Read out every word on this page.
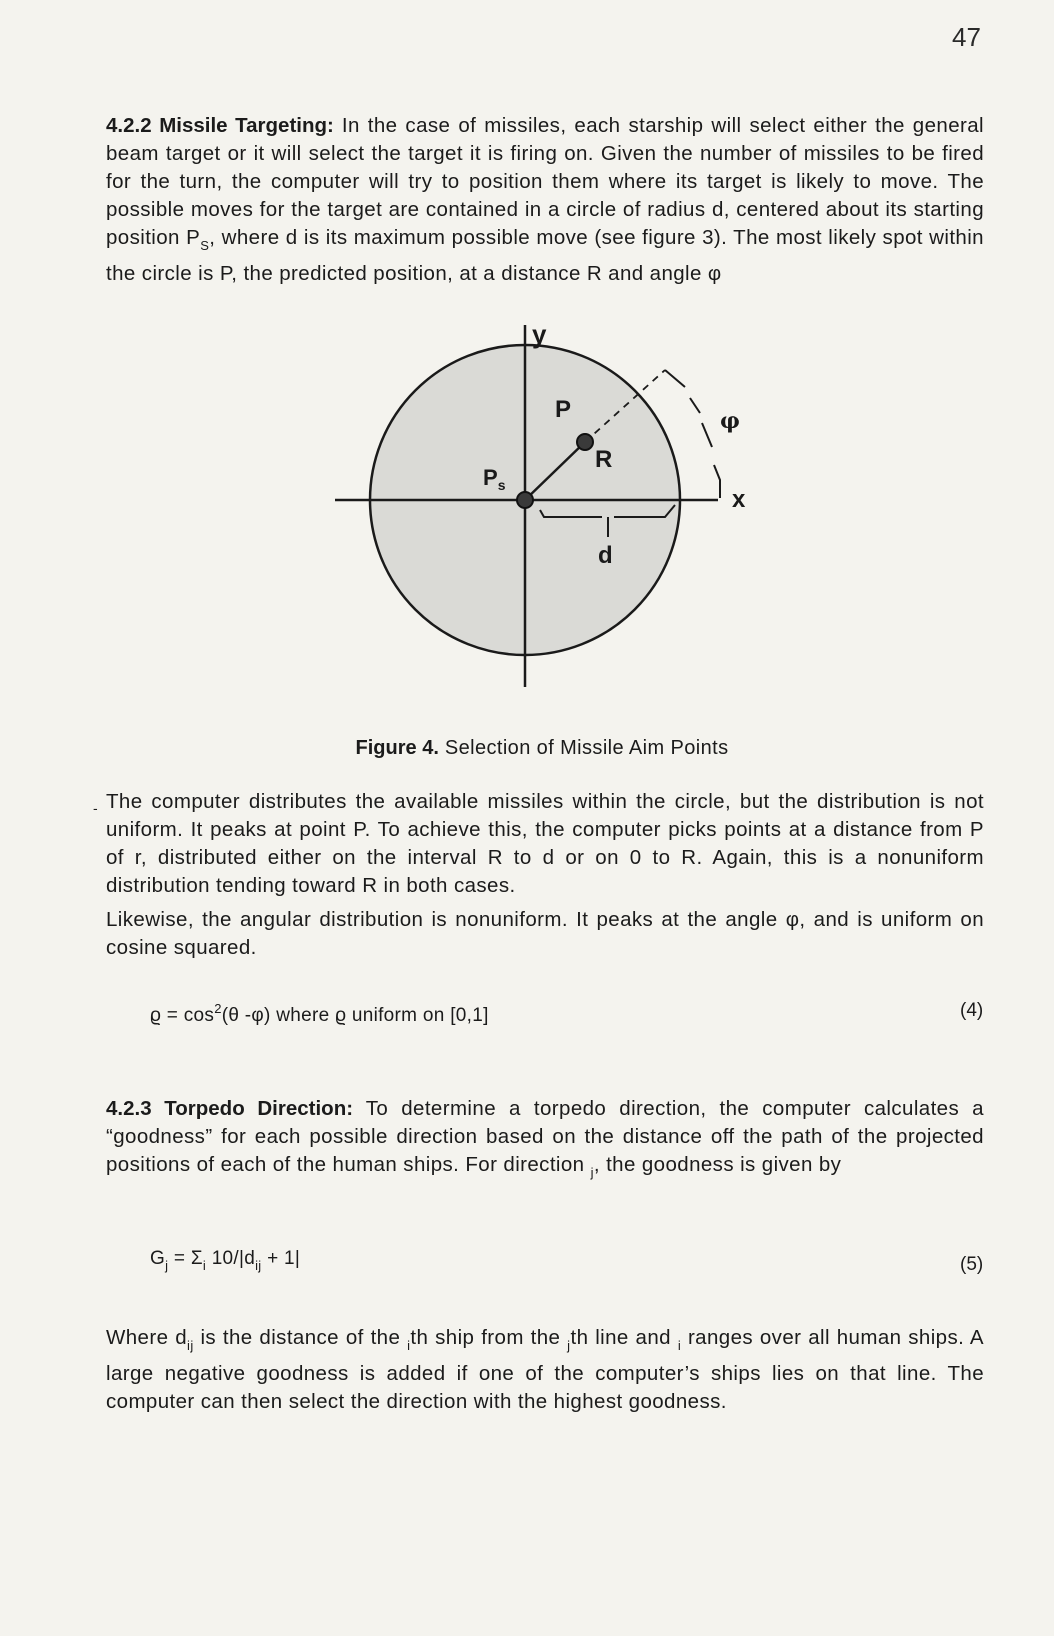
47
4.2.2 Missile Targeting: In the case of missiles, each starship will select either the general beam target or it will select the target it is firing on. Given the number of missiles to be fired for the turn, the computer will try to position them where its target is likely to move. The possible moves for the target are contained in a circle of radius d, centered about its starting position $P_S$, where d is its maximum possible move (see figure 3). The most likely spot within the circle is P, the predicted position, at a distance R and angle φ
y
x
P
R
$P_s$
φ
d
Figure 4. Selection of Missile Aim Points
- The computer distributes the available missiles within the circle, but the distribution is not uniform. It peaks at point P. To achieve this, the computer picks points at a distance from P of r, distributed either on the interval R to d or on 0 to R. Again, this is a nonuniform distribution tending toward R in both cases.
Likewise, the angular distribution is nonuniform. It peaks at the angle φ, and is uniform on cosine squared.
$ϱ = \cos^2(\theta$ -φ) where ϱ uniform on [0,1]	(4)
4.2.3 Torpedo Direction: To determine a torpedo direction, the computer calculates a “goodness” for each possible direction based on the distance off the path of the projected positions of each of the human ships. For direction $_j$, the goodness is given by
$G_j = \Sigma_i$ $10/|d_{ij} + 1|$	(5)
Where $d_{ij}$ is the distance of the $_i$th ship from the $_j$th line and $_i$ ranges over all human ships. A large negative goodness is added if one of the computer’s ships lies on that line. The computer can then select the direction with the highest goodness.
